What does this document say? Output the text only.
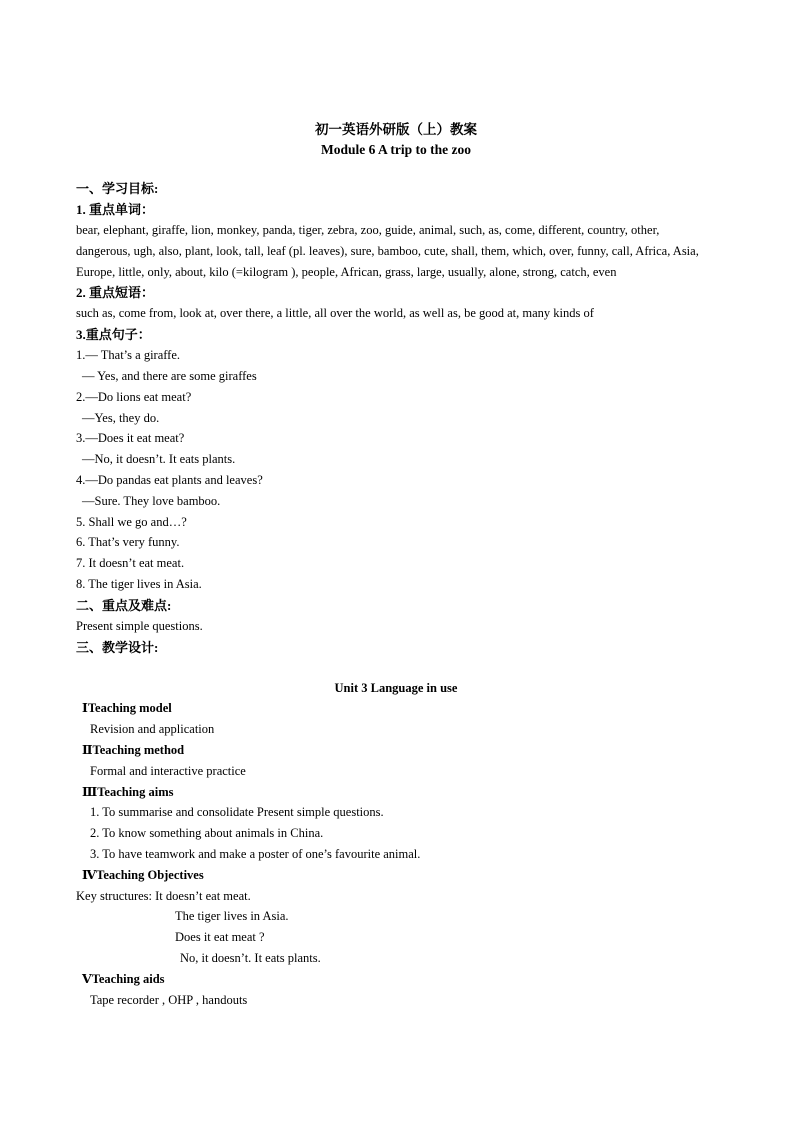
初一英语外研版（上）教案
Module 6 A trip to the zoo
一、学习目标:
1. 重点单词：
bear, elephant, giraffe, lion, monkey, panda, tiger, zebra, zoo, guide, animal, such, as, come, different, country, other, dangerous, ugh, also, plant, look, tall, leaf (pl. leaves), sure, bamboo, cute, shall, them, which, over, funny, call, Africa, Asia, Europe, little, only, about, kilo (=kilogram ), people, African, grass, large, usually, alone, strong, catch, even
2. 重点短语：
such as, come from, look at, over there, a little, all over the world, as well as, be good at, many kinds of
3.重点句子：
1.— That’s a giraffe.
— Yes, and there are some giraffes
2.—Do lions eat meat?
—Yes, they do.
3.—Does it eat meat?
—No, it doesn’t. It eats plants.
4.—Do pandas eat plants and leaves?
—Sure. They love bamboo.
5. Shall we go and…?
6. That’s very funny.
7. It doesn’t eat meat.
8. The tiger lives in Asia.
二、重点及难点:
Present simple questions.
三、教学设计:
Unit 3 Language in use
ⅠTeaching model
Revision and application
ⅡTeaching method
Formal and interactive practice
ⅢTeaching aims
1. To summarise and consolidate Present simple questions.
2. To know something about animals in China.
3. To have teamwork and make a poster of one’s favourite animal.
ⅣTeaching Objectives
Key structures: It doesn’t eat meat.
The tiger lives in Asia.
Does it eat meat ?
No, it doesn’t. It eats plants.
ⅤTeaching aids
Tape recorder , OHP , handouts
